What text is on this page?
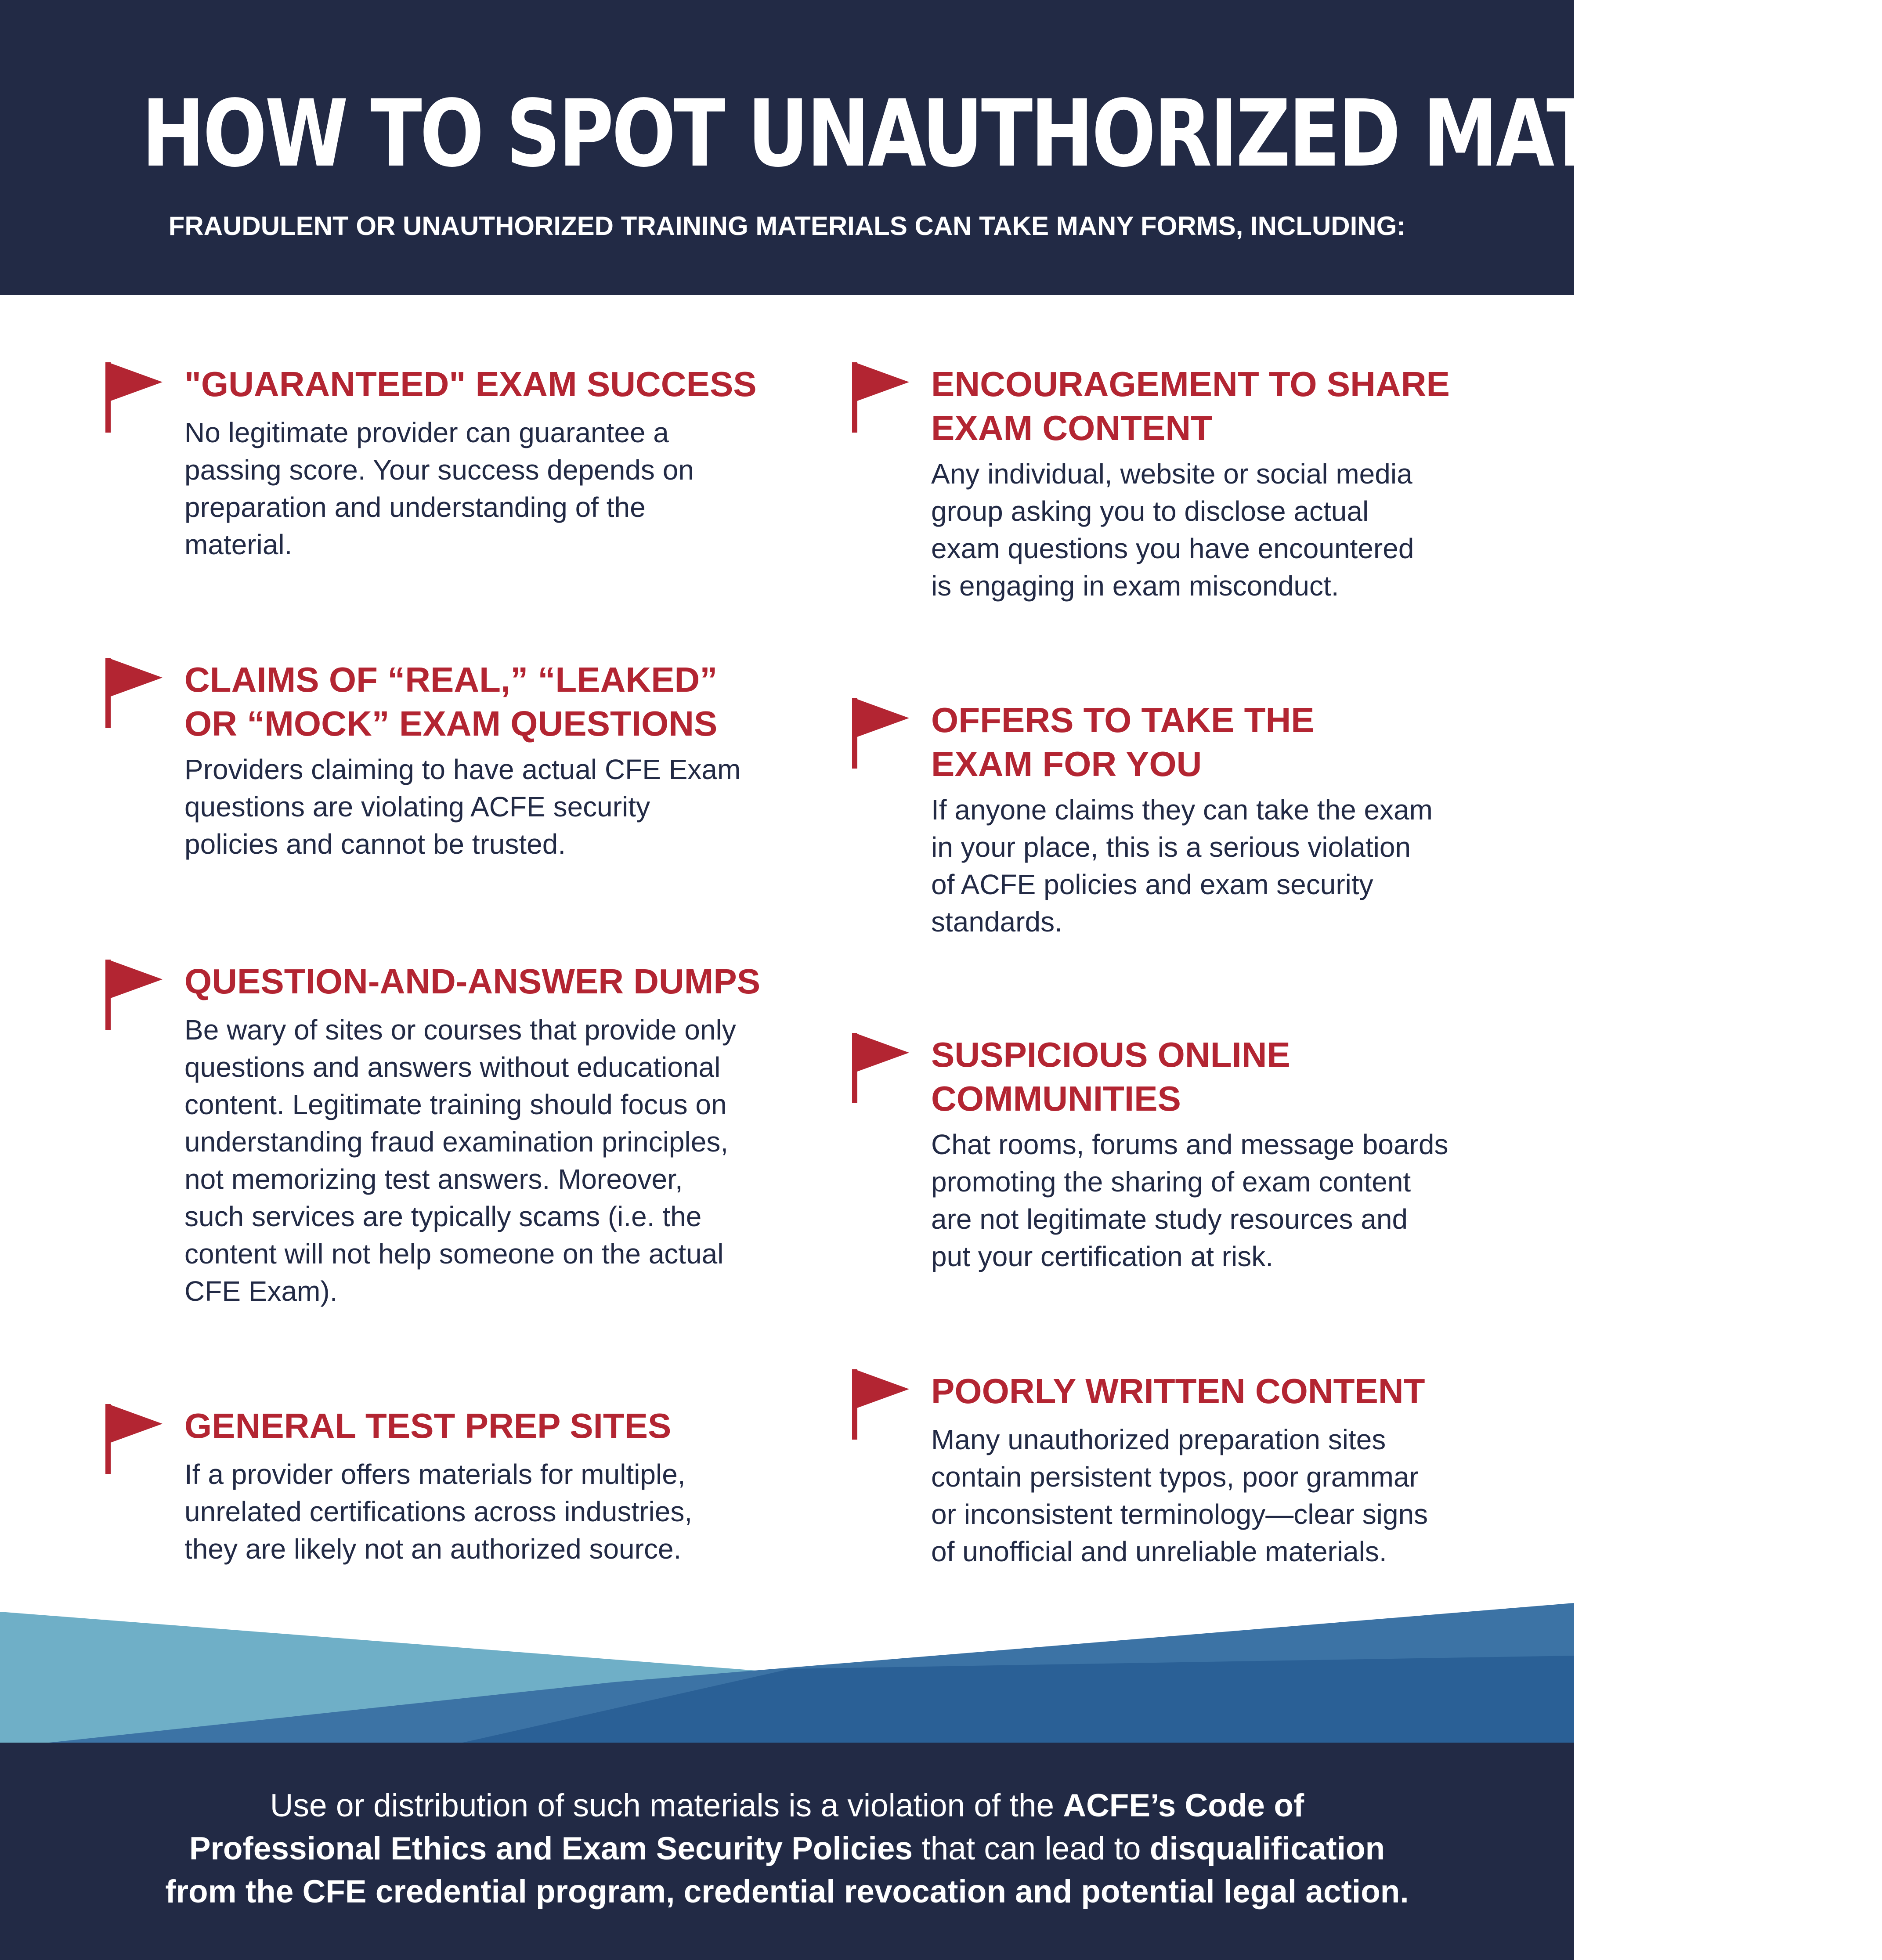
HOW TO SPOT UNAUTHORIZED MATERIALS
FRAUDULENT OR UNAUTHORIZED TRAINING MATERIALS CAN TAKE MANY FORMS, INCLUDING:
"GUARANTEED" EXAM SUCCESS
No legitimate provider can guarantee a
passing score. Your success depends on
preparation and understanding of the
material.
CLAIMS OF “REAL,” “LEAKED”
OR “MOCK” EXAM QUESTIONS
Providers claiming to have actual CFE Exam
questions are violating ACFE security
policies and cannot be trusted.
QUESTION-AND-ANSWER DUMPS
Be wary of sites or courses that provide only
questions and answers without educational
content. Legitimate training should focus on
understanding fraud examination principles,
not memorizing test answers. Moreover,
such services are typically scams (i.e. the
content will not help someone on the actual
CFE Exam).
GENERAL TEST PREP SITES
If a provider offers materials for multiple,
unrelated certifications across industries,
they are likely not an authorized source.
ENCOURAGEMENT TO SHARE
EXAM CONTENT
Any individual, website or social media
group asking you to disclose actual
exam questions you have encountered
is engaging in exam misconduct.
OFFERS TO TAKE THE
EXAM FOR YOU
If anyone claims they can take the exam
in your place, this is a serious violation
of ACFE policies and exam security
standards.
SUSPICIOUS ONLINE
COMMUNITIES
Chat rooms, forums and message boards
promoting the sharing of exam content
are not legitimate study resources and
put your certification at risk.
POORLY WRITTEN CONTENT
Many unauthorized preparation sites
contain persistent typos, poor grammar
or inconsistent terminology—clear signs
of unofficial and unreliable materials.
Use or distribution of such materials is a violation of the ACFE’s Code of
Professional Ethics and Exam Security Policies that can lead to disqualification
from the CFE credential program, credential revocation and potential legal action.
